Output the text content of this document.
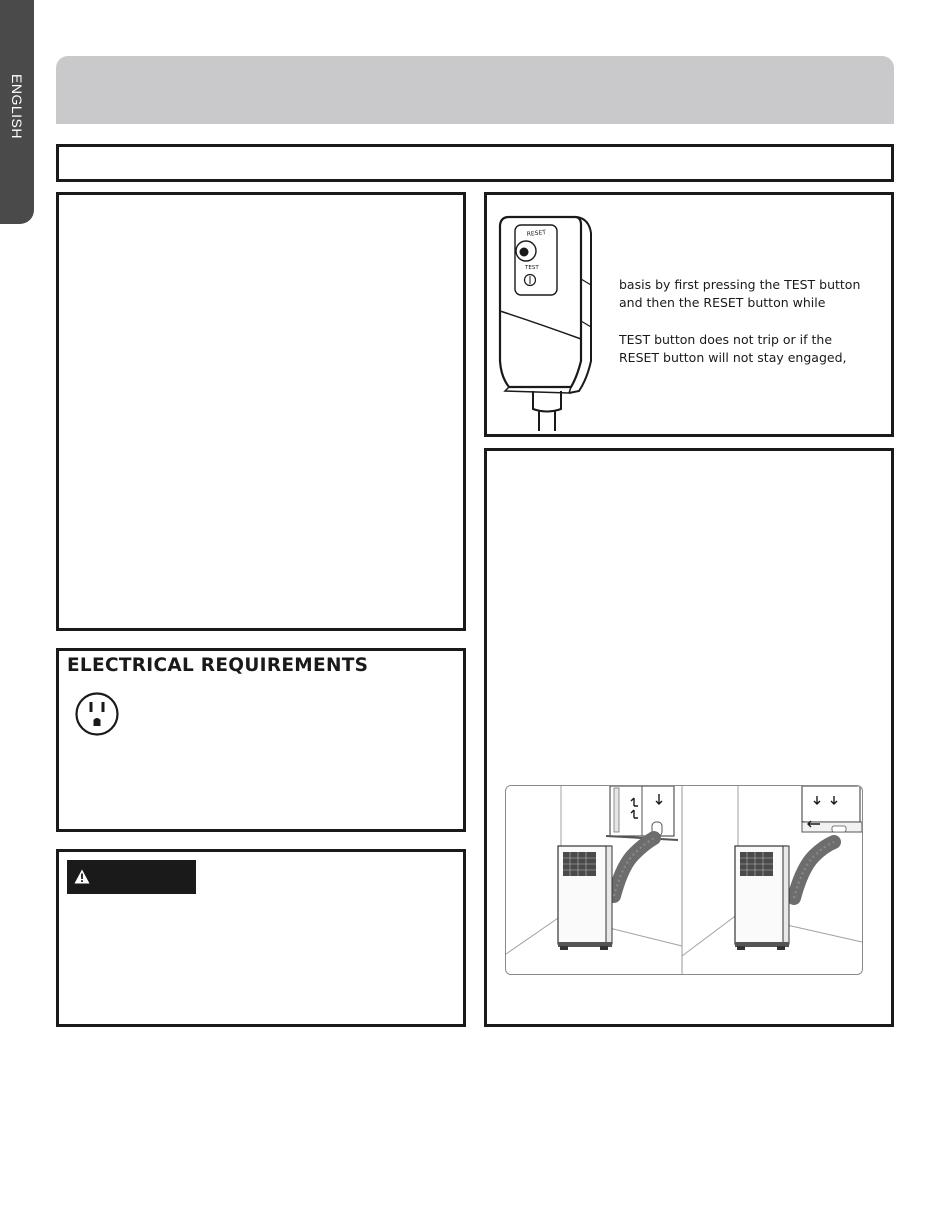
ENGLISH
ELECTRICAL REQUIREMENTS
RESET
TEST
basis by first pressing the TEST button
and then the RESET button while
TEST button does not trip or if the
RESET button will not stay engaged,
